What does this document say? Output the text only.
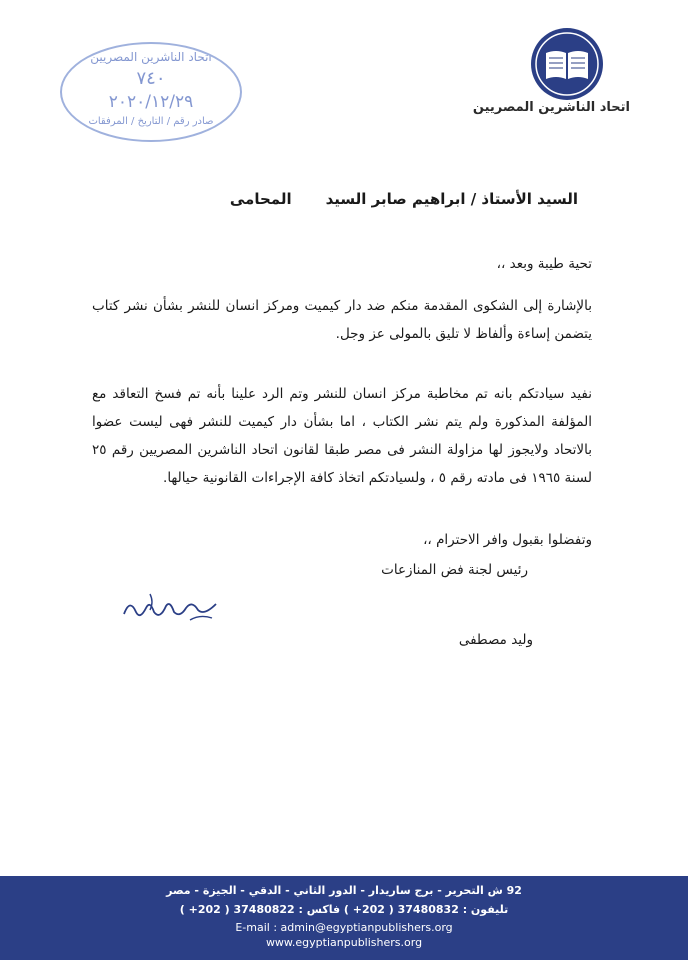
اتحاد الناشرين المصريين
اتحاد الناشرين المصريين
٧٤٠
٢٠٢٠/١٢/٢٩
صادر رقم / التاريخ / المرفقات
السيد الأستاذ / ابراهيم صابر السيدالمحامى
تحية طيبة وبعد ،،
بالإشارة إلى الشكوى المقدمة منكم ضد دار كيميت ومركز انسان للنشر بشأن نشر كتاب يتضمن إساءة وألفاظ لا تليق بالمولى عز وجل.
نفيد سيادتكم بانه تم مخاطبة مركز انسان للنشر وتم الرد علينا بأنه تم فسخ التعاقد مع المؤلفة المذكورة ولم يتم نشر الكتاب ، اما بشأن دار كيميت للنشر فهى ليست عضوا بالاتحاد ولايجوز لها مزاولة النشر فى مصر طبقا لقانون اتحاد الناشرين المصريين رقم ٢٥ لسنة ١٩٦٥ فى مادته رقم ٥ ، ولسيادتكم اتخاذ كافة الإجراءات القانونية حيالها.
وتفضلوا بقبول وافر الاحترام ،،
رئيس لجنة فض المنازعات
وليد مصطفى
92 ش التحرير - برج ساريدار - الدور الثاني - الدقي - الجيزة - مصر
تليفون : 37480832 ( 202+ ) فاكس : 37480822 ( 202+ )
E-mail : admin@egyptianpublishers.org
www.egyptianpublishers.org
